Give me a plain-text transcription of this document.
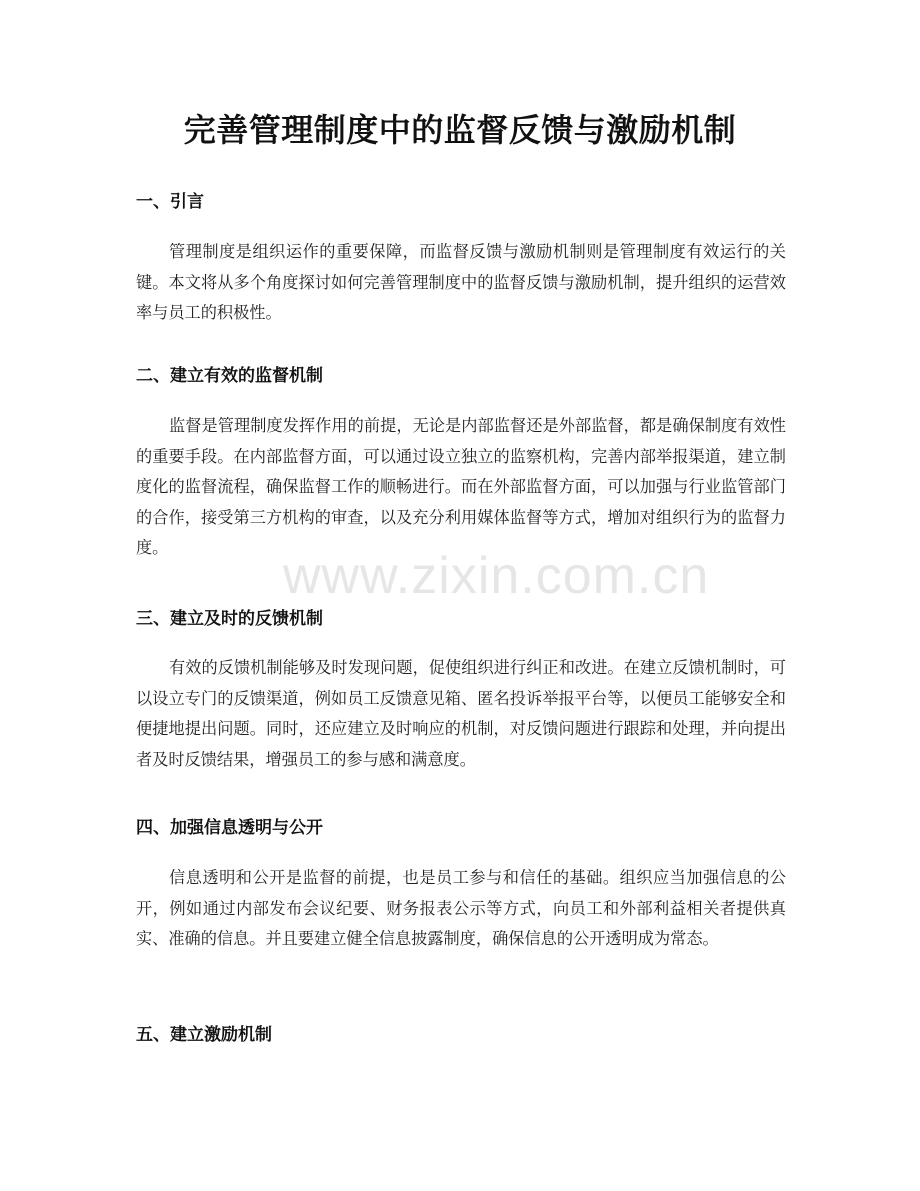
完善管理制度中的监督反馈与激励机制
一、引言
管理制度是组织运作的重要保障，而监督反馈与激励机制则是管理制度有效运行的关键。本文将从多个角度探讨如何完善管理制度中的监督反馈与激励机制，提升组织的运营效率与员工的积极性。
二、建立有效的监督机制
监督是管理制度发挥作用的前提，无论是内部监督还是外部监督，都是确保制度有效性的重要手段。在内部监督方面，可以通过设立独立的监察机构，完善内部举报渠道，建立制度化的监督流程，确保监督工作的顺畅进行。而在外部监督方面，可以加强与行业监管部门的合作，接受第三方机构的审查，以及充分利用媒体监督等方式，增加对组织行为的监督力度。
三、建立及时的反馈机制
有效的反馈机制能够及时发现问题，促使组织进行纠正和改进。在建立反馈机制时，可以设立专门的反馈渠道，例如员工反馈意见箱、匿名投诉举报平台等，以便员工能够安全和便捷地提出问题。同时，还应建立及时响应的机制，对反馈问题进行跟踪和处理，并向提出者及时反馈结果，增强员工的参与感和满意度。
四、加强信息透明与公开
信息透明和公开是监督的前提，也是员工参与和信任的基础。组织应当加强信息的公开，例如通过内部发布会议纪要、财务报表公示等方式，向员工和外部利益相关者提供真实、准确的信息。并且要建立健全信息披露制度，确保信息的公开透明成为常态。
五、建立激励机制
www.zixin.com.cn
